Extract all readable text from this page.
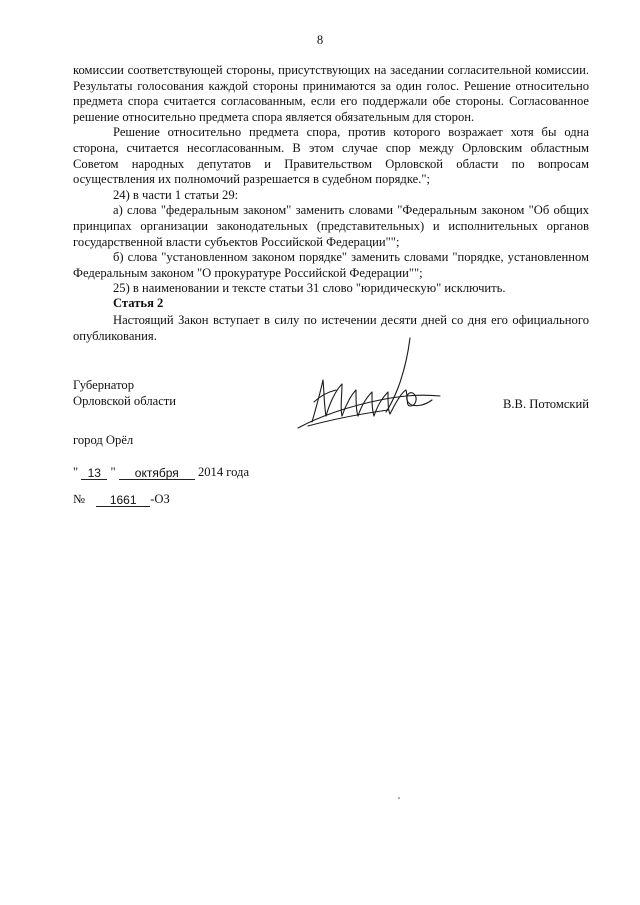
8

комиссии соответствующей стороны, присутствующих на заседании согласительной комиссии. Результаты голосования каждой стороны принимаются за один голос. Решение относительно предмета спора считается согласованным, если его поддержали обе стороны. Согласованное решение относительно предмета спора является обязательным для сторон.

Решение относительно предмета спора, против которого возражает хотя бы одна сторона, считается несогласованным. В этом случае спор между Орловским областным Советом народных депутатов и Правительством Орловской области по вопросам осуществления их полномочий разрешается в судебном порядке.";

24) в части 1 статьи 29:

а) слова "федеральным законом" заменить словами "Федеральным законом "Об общих принципах организации законодательных (представительных) и исполнительных органов государственной власти субъектов Российской Федерации"";

б) слова "установленном законом порядке" заменить словами "порядке, установленном Федеральным законом "О прокуратуре Российской Федерации"";

25) в наименовании и тексте статьи 31 слово "юридическую" исключить.

Статья 2

Настоящий Закон вступает в силу по истечении десяти дней со дня его официального опубликования.

Губернатор
Орловской области	В.В. Потомский
город Орёл
" 13 " октября 2014 года
№ 1661 -ОЗ
